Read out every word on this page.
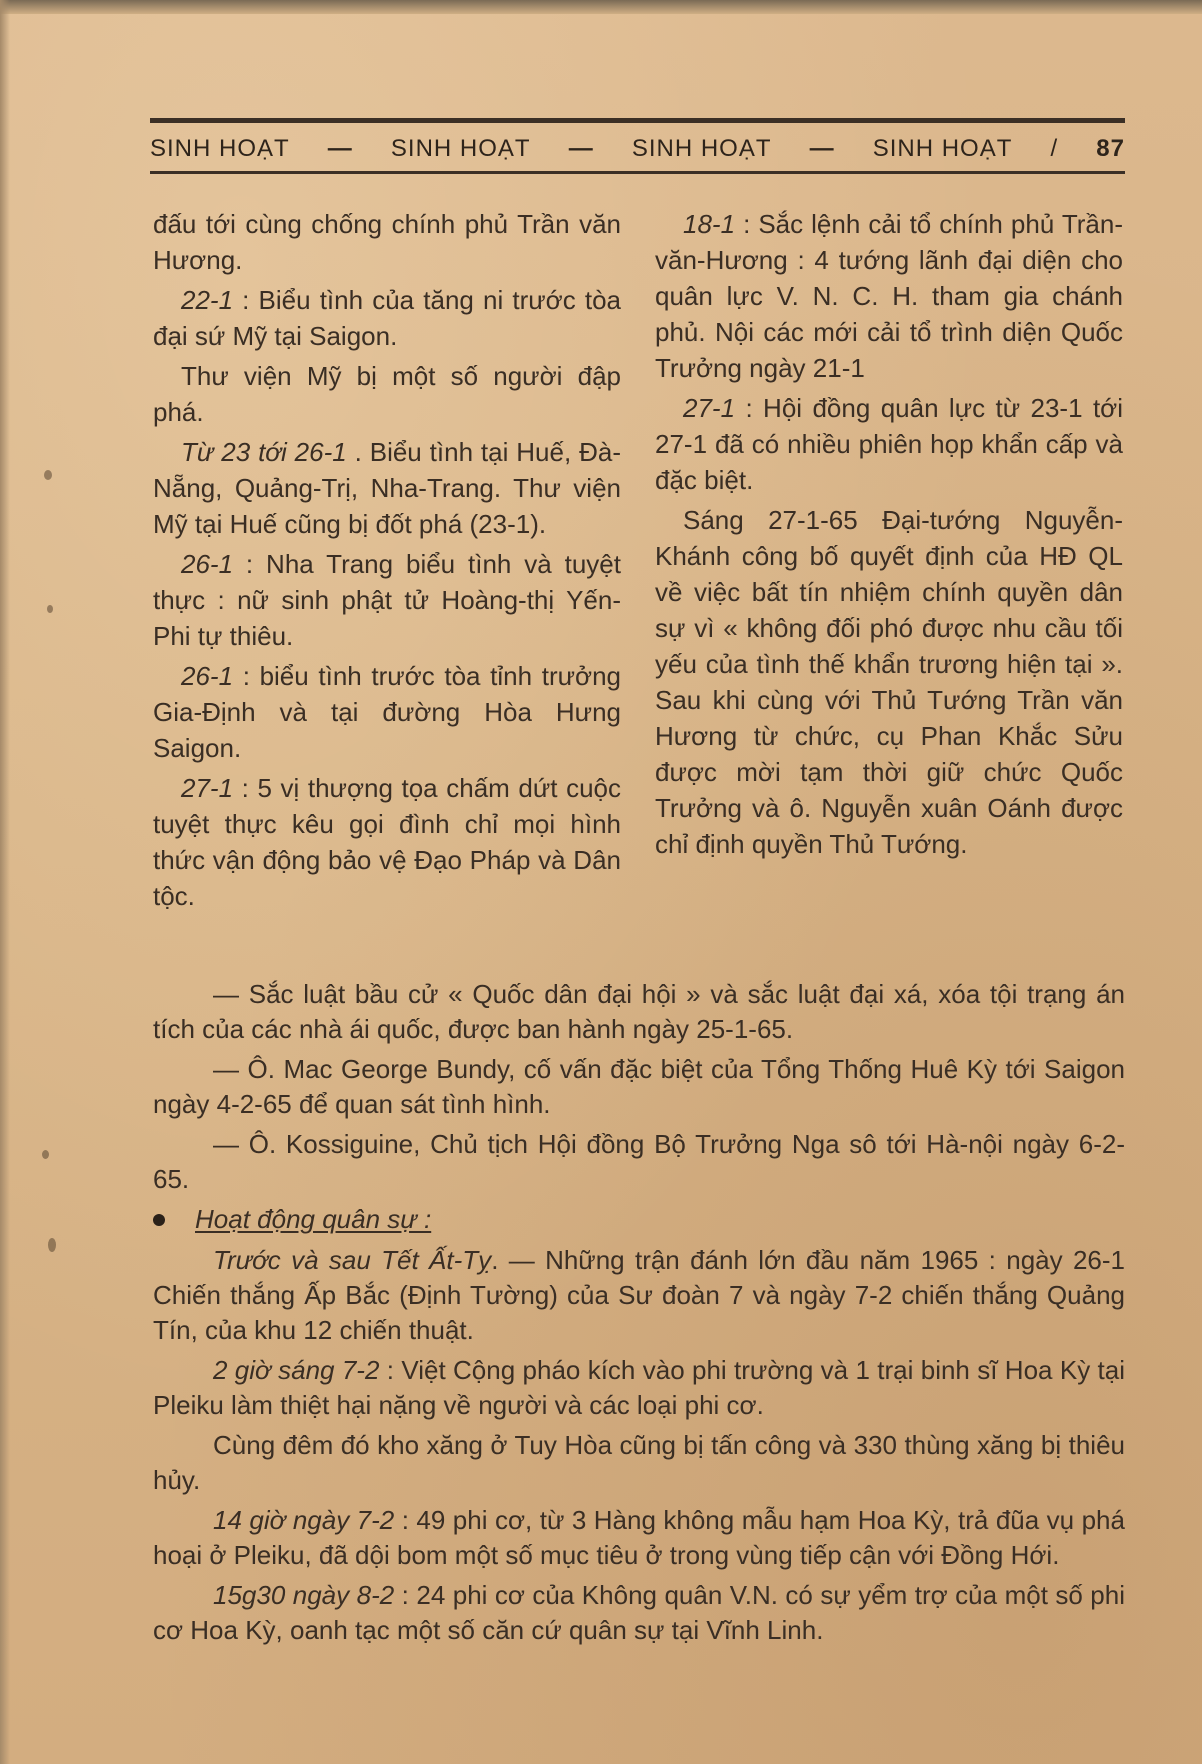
SINH HOẠT — SINH HOẠT — SINH HOẠT — SINH HOẠT / 87

đấu tới cùng chống chính phủ Trần văn Hương.

22-1 : Biểu tình của tăng ni trước tòa đại sứ Mỹ tại Saigon.

Thư viện Mỹ bị một số người đập phá.

Từ 23 tới 26-1 . Biểu tình tại Huế, Đà-Nẵng, Quảng-Trị, Nha-Trang. Thư viện Mỹ tại Huế cũng bị đốt phá (23-1).

26-1 : Nha Trang biểu tình và tuyệt thực : nữ sinh phật tử Hoàng-thị Yến-Phi tự thiêu.

26-1 : biểu tình trước tòa tỉnh trưởng Gia-Định và tại đường Hòa Hưng Saigon.

27-1 : 5 vị thượng tọa chấm dứt cuộc tuyệt thực kêu gọi đình chỉ mọi hình thức vận động bảo vệ Đạo Pháp và Dân tộc.

18-1 : Sắc lệnh cải tổ chính phủ Trần-văn-Hương : 4 tướng lãnh đại diện cho quân lực V. N. C. H. tham gia chánh phủ. Nội các mới cải tổ trình diện Quốc Trưởng ngày 21-1

27-1 : Hội đồng quân lực từ 23-1 tới 27-1 đã có nhiều phiên họp khẩn cấp và đặc biệt.

Sáng 27-1-65 Đại-tướng Nguyễn-Khánh công bố quyết định của HĐ QL về việc bất tín nhiệm chính quyền dân sự vì « không đối phó được nhu cầu tối yếu của tình thế khẩn trương hiện tại ». Sau khi cùng với Thủ Tướng Trần văn Hương từ chức, cụ Phan Khắc Sửu được mời tạm thời giữ chức Quốc Trưởng và ô. Nguyễn xuân Oánh được chỉ định quyền Thủ Tướng.

— Sắc luật bầu cử « Quốc dân đại hội » và sắc luật đại xá, xóa tội trạng án tích của các nhà ái quốc, được ban hành ngày 25-1-65.

— Ô. Mac George Bundy, cố vấn đặc biệt của Tổng Thống Huê Kỳ tới Saigon ngày 4-2-65 để quan sát tình hình.

— Ô. Kossiguine, Chủ tịch Hội đồng Bộ Trưởng Nga sô tới Hà-nội ngày 6-2-65.

Hoạt động quân sự :

Trước và sau Tết Ất-Tỵ. — Những trận đánh lớn đầu năm 1965 : ngày 26-1 Chiến thắng Ấp Bắc (Định Tường) của Sư đoàn 7 và ngày 7-2 chiến thắng Quảng Tín, của khu 12 chiến thuật.

2 giờ sáng 7-2 : Việt Cộng pháo kích vào phi trường và 1 trại binh sĩ Hoa Kỳ tại Pleiku làm thiệt hại nặng về người và các loại phi cơ.

Cùng đêm đó kho xăng ở Tuy Hòa cũng bị tấn công và 330 thùng xăng bị thiêu hủy.

14 giờ ngày 7-2 : 49 phi cơ, từ 3 Hàng không mẫu hạm Hoa Kỳ, trả đũa vụ phá hoại ở Pleiku, đã dội bom một số mục tiêu ở trong vùng tiếp cận với Đồng Hới.

15g30 ngày 8-2 : 24 phi cơ của Không quân V.N. có sự yểm trợ của một số phi cơ Hoa Kỳ, oanh tạc một số căn cứ quân sự tại Vĩnh Linh.
